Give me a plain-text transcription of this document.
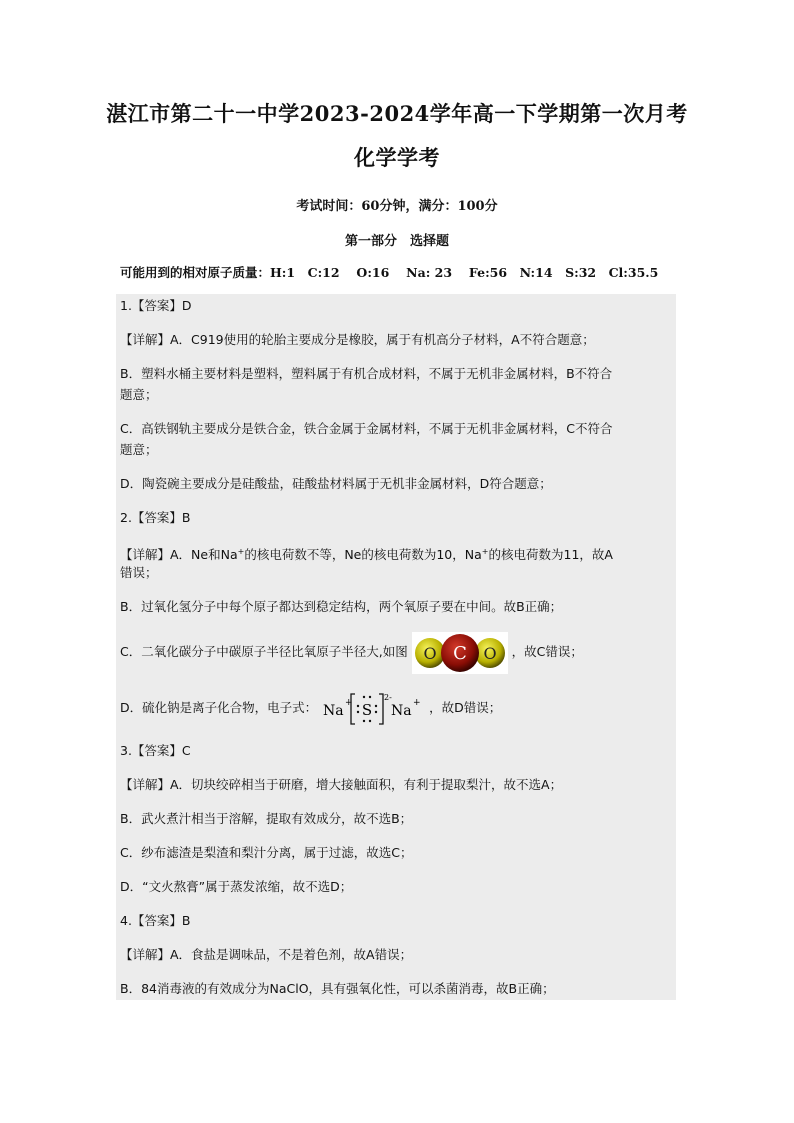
湛江市第二十一中学2023-2024学年高一下学期第一次月考
化学学考
考试时间：60分钟，满分：100分
第一部分　选择题
可能用到的相对原子质量：H:1　C:12　 O:16　 Na: 23　 Fe:56　N:14　S:32　Cl:35.5
1.【答案】D
【详解】A．C919使用的轮胎主要成分是橡胶，属于有机高分子材料，A不符合题意；
B．塑料水桶主要材料是塑料，塑料属于有机合成材料，不属于无机非金属材料，B不符合
题意；
C．高铁钢轨主要成分是铁合金，铁合金属于金属材料，不属于无机非金属材料，C不符合
题意；
D．陶瓷碗主要成分是硅酸盐，硅酸盐材料属于无机非金属材料，D符合题意；
2.【答案】B
【详解】A．Ne和Na+的核电荷数不等，Ne的核电荷数为10，Na+的核电荷数为11，故A
错误；
B．过氧化氢分子中每个原子都达到稳定结构，两个氧原子要在中间。故B正确；
C．二氧化碳分子中碳原子半径比氧原子半径大,如图 O C O ，故C错误；
D．硫化钠是离子化合物，电子式： Na + S
2-
Na + ，故D错误；
3.【答案】C
【详解】A．切块绞碎相当于研磨，增大接触面积，有利于提取梨汁，故不选A；
B．武火煮汁相当于溶解，提取有效成分，故不选B；
C．纱布滤渣是梨渣和梨汁分离，属于过滤，故选C；
D．“文火熬膏”属于蒸发浓缩，故不选D；
4.【答案】B
【详解】A．食盐是调味品，不是着色剂，故A错误；
B．84消毒液的有效成分为NaClO，具有强氧化性，可以杀菌消毒，故B正确；
